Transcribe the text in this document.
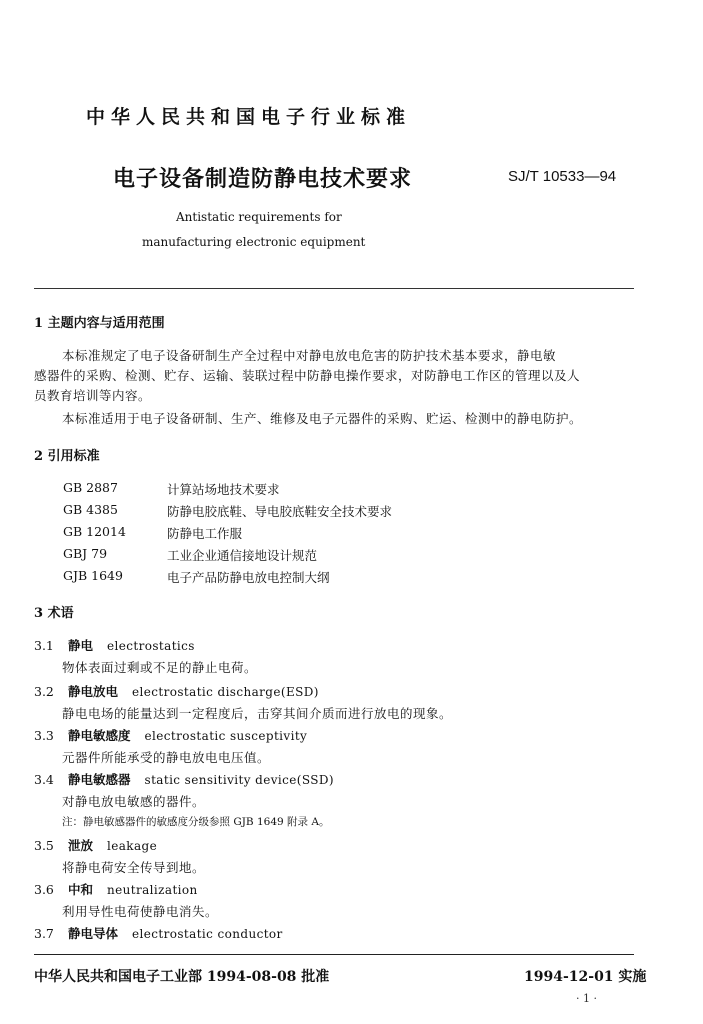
中华人民共和国电子行业标准
电子设备制造防静电技术要求	SJ/T 10533—94
Antistatic requirements for
manufacturing electronic equipment
1 主题内容与适用范围
本标准规定了电子设备研制生产全过程中对静电放电危害的防护技术基本要求，静电敏
感器件的采购、检测、贮存、运输、装联过程中防静电操作要求，对防静电工作区的管理以及人
员教育培训等内容。
本标准适用于电子设备研制、生产、维修及电子元器件的采购、贮运、检测中的静电防护。
2 引用标准
GB 2887	计算站场地技术要求
GB 4385	防静电胶底鞋、导电胶底鞋安全技术要求
GB 12014	防静电工作服
GBJ 79	工业企业通信接地设计规范
GJB 1649	电子产品防静电放电控制大纲
3 术语
3.1 静电 electrostatics
物体表面过剩或不足的静止电荷。
3.2 静电放电 electrostatic discharge(ESD)
静电电场的能量达到一定程度后，击穿其间介质而进行放电的现象。
3.3 静电敏感度 electrostatic susceptivity
元器件所能承受的静电放电电压值。
3.4 静电敏感器 static sensitivity device(SSD)
对静电放电敏感的器件。
注：静电敏感器件的敏感度分级参照 GJB 1649 附录 A。
3.5 泄放 leakage
将静电荷安全传导到地。
3.6 中和 neutralization
利用导性电荷使静电消失。
3.7 静电导体 electrostatic conductor
中华人民共和国电子工业部 1994-08-08 批准	1994-12-01 实施
· 1 ·
